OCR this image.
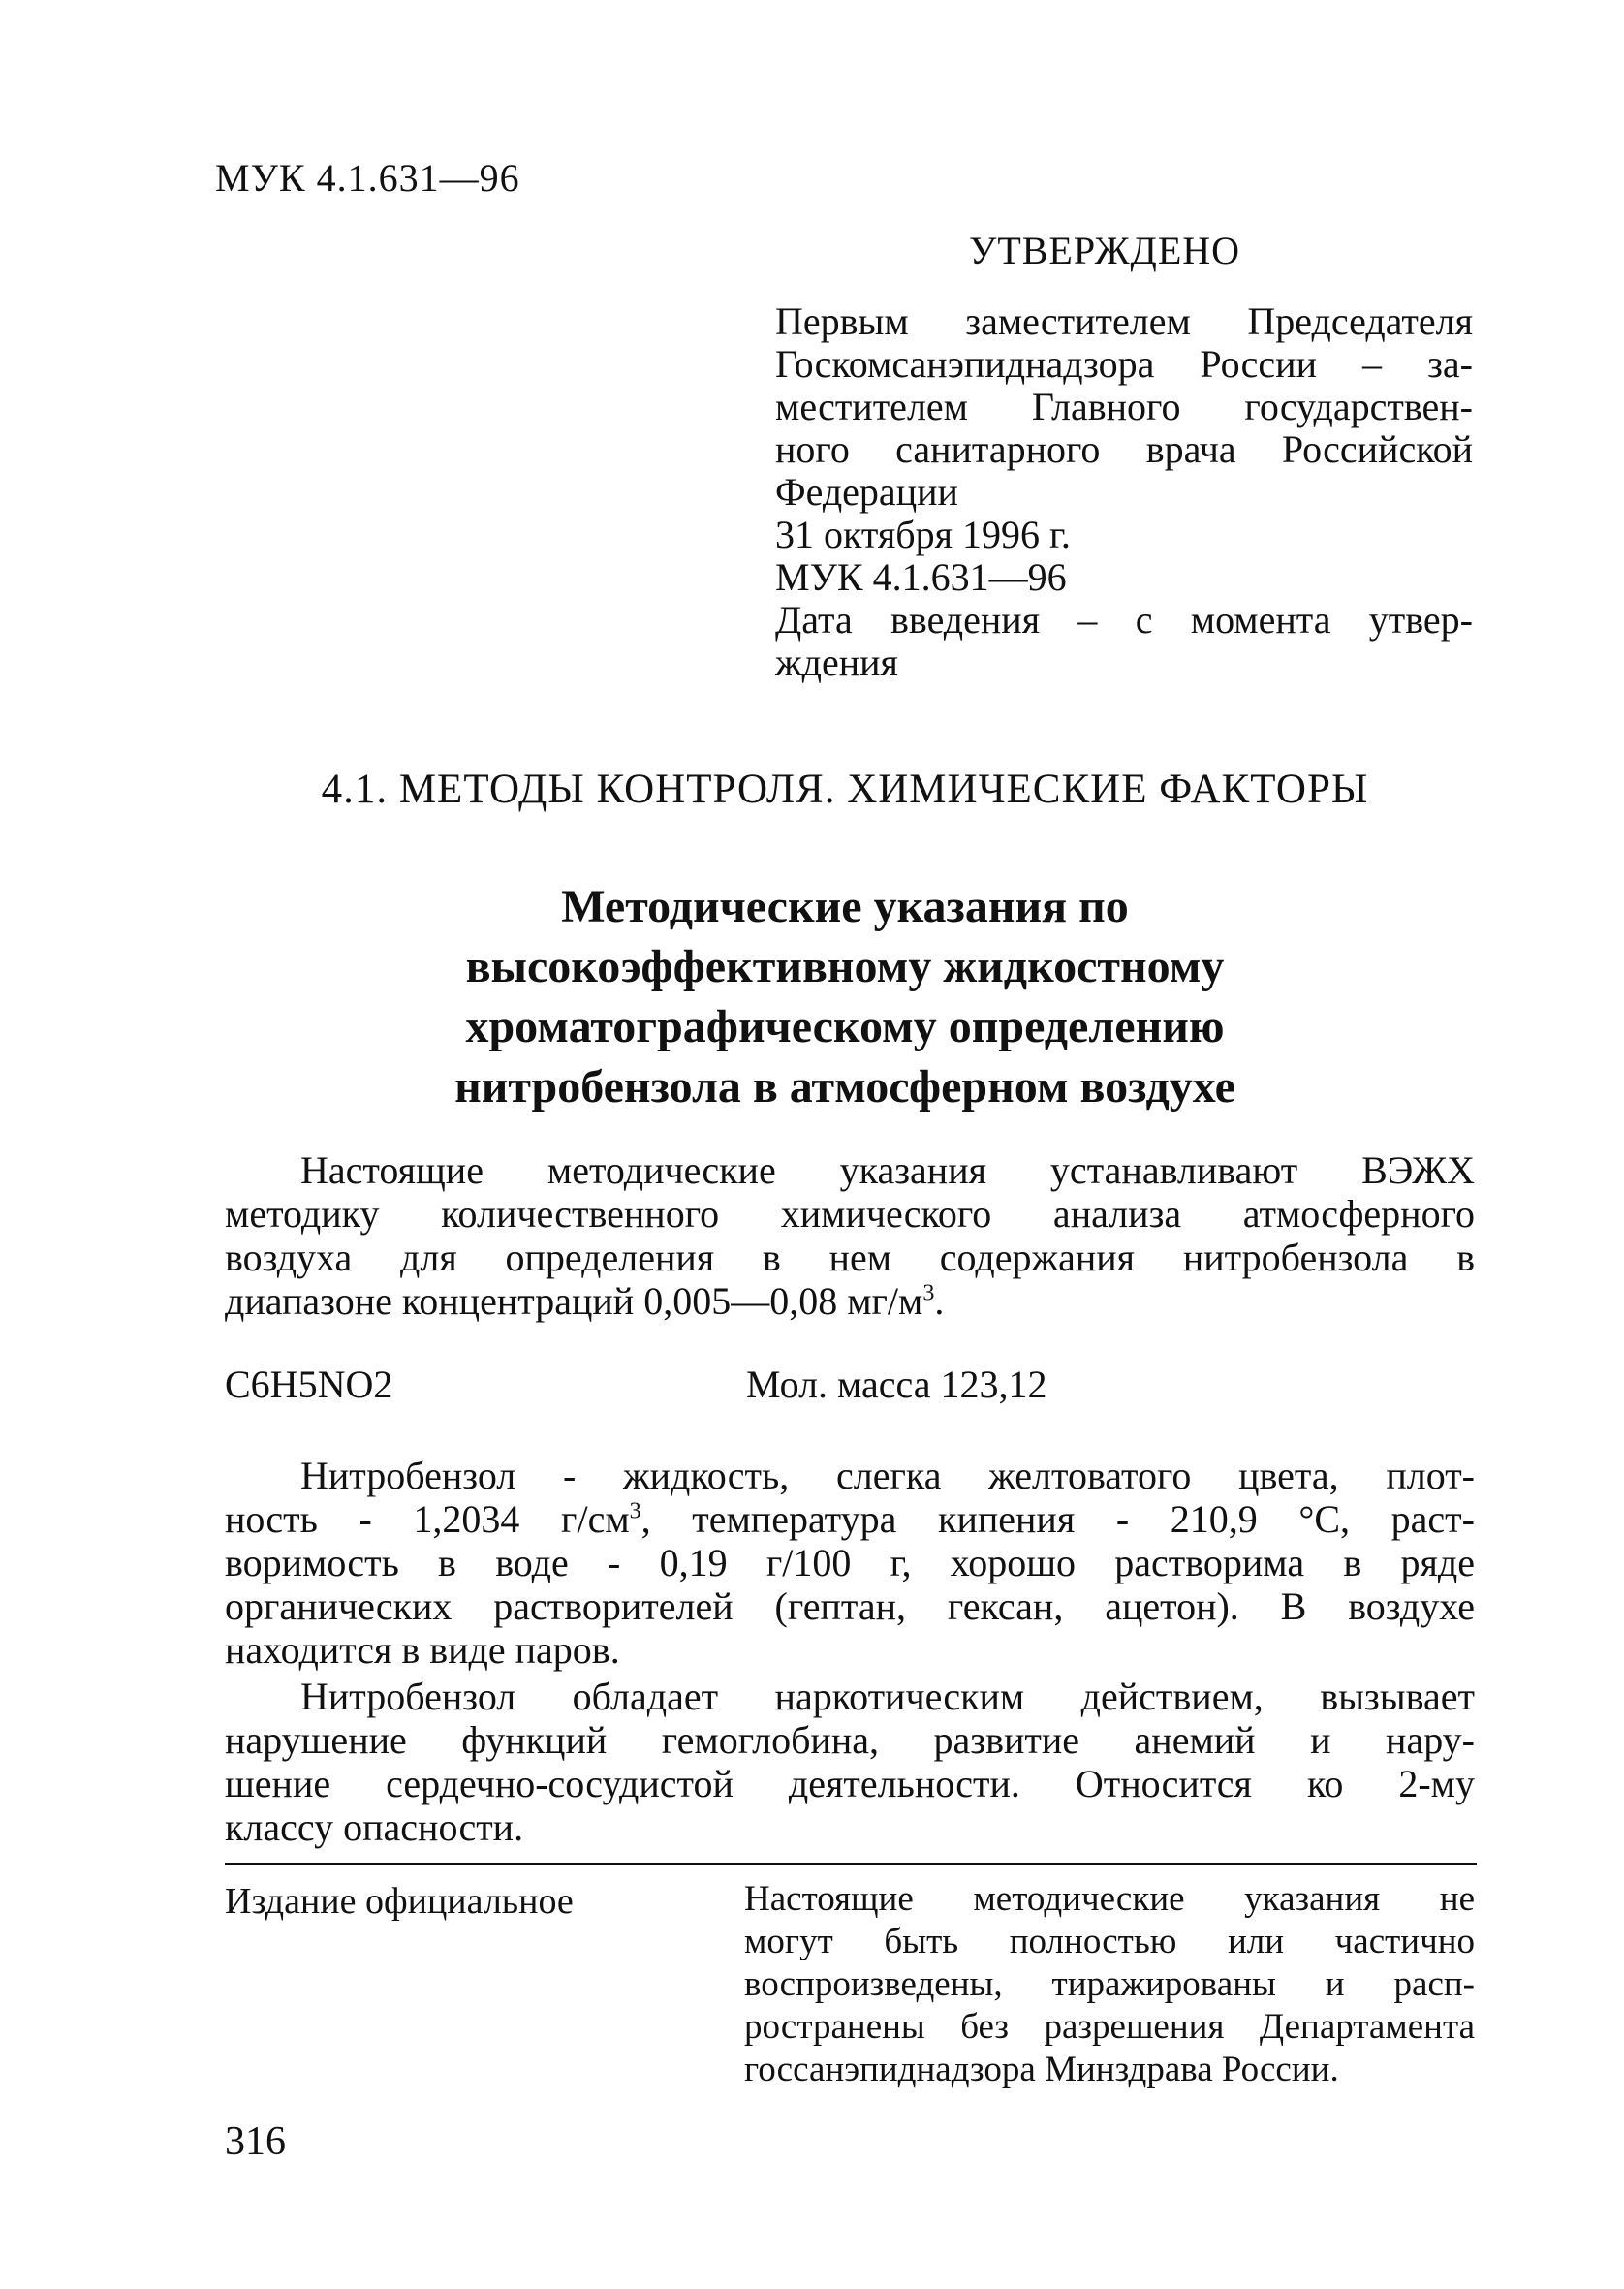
МУК 4.1.631—96
УТВЕРЖДЕНО
Первым заместителем Председателя
Госкомсанэпиднадзора России – за-
местителем Главного государствен-
ного санитарного врача Российской
Федерации
31 октября 1996 г.
МУК 4.1.631—96
Дата введения – с момента утвер-
ждения
4.1. МЕТОДЫ КОНТРОЛЯ. ХИМИЧЕСКИЕ ФАКТОРЫ
Методические указания по
высокоэффективному жидкостному
хроматографическому определению
нитробензола в атмосферном воздухе
Настоящие методические указания устанавливают ВЭЖХ
методику количественного химического анализа атмосферного
воздуха для определения в нем содержания нитробензола в
диапазоне концентраций 0,005—0,08 $мг/м^3$.
C6H5NO2	Мол. масса 123,12
Нитробензол - жидкость, слегка желтоватого цвета, плот-
ность - 1,2034 $г/см^3$, температура кипения - 210,9 °С, раст-
воримость в воде - 0,19 г/100 г, хорошо растворима в ряде
органических растворителей (гептан, гексан, ацетон). В воздухе
находится в виде паров.
Нитробензол обладает наркотическим действием, вызывает
нарушение функций гемоглобина, развитие анемий и нару-
шение сердечно-сосудистой деятельности. Относится ко 2-му
классу опасности.
Издание официальное	Настоящие методические указания не
могут быть полностью или частично
воспроизведены, тиражированы и расп-
ространены без разрешения Департамента
госсанэпиднадзора Минздрава России.
316
